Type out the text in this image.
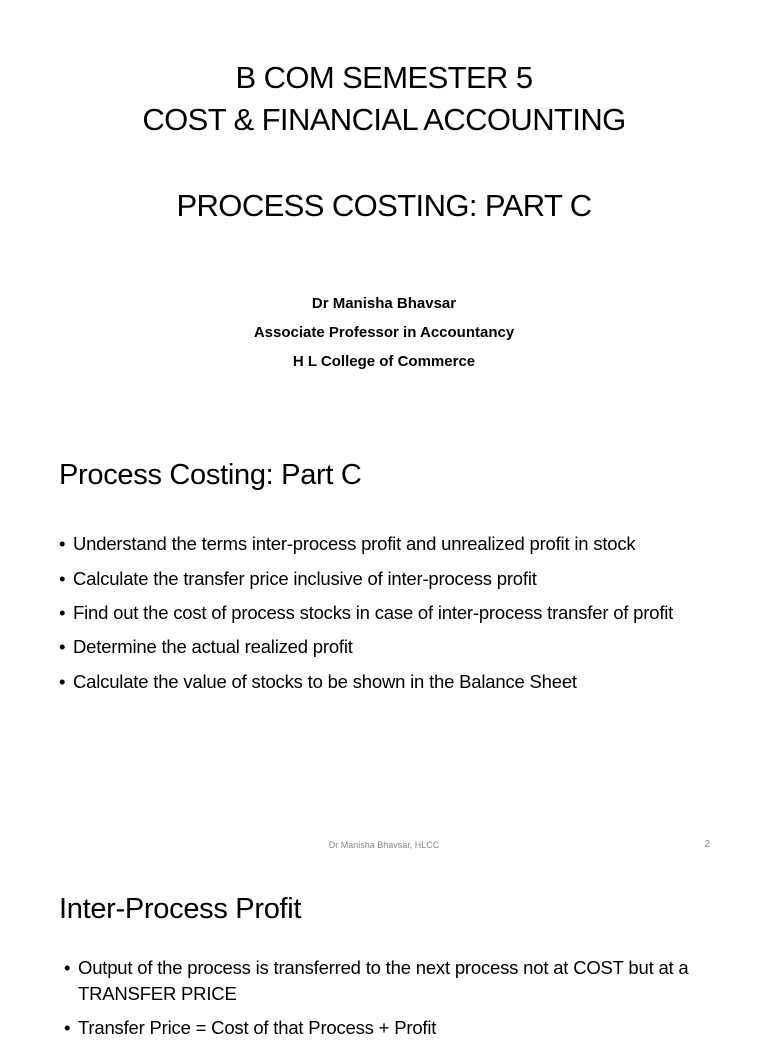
B COM SEMESTER 5
COST & FINANCIAL ACCOUNTING
PROCESS COSTING: PART C
Dr Manisha Bhavsar
Associate Professor in Accountancy
H L College of Commerce
Process Costing: Part C
• Understand the terms inter-process profit and unrealized profit in stock
• Calculate the transfer price inclusive of inter-process profit
• Find out the cost of process stocks in case of inter-process transfer of profit
• Determine the actual realized profit
• Calculate the value of stocks to be shown in the Balance Sheet
Dr Manisha Bhavsar, HLCC	2
Inter-Process Profit
• Output of the process is transferred to the next process not at COST but at a TRANSFER PRICE
• Transfer Price = Cost of that Process + Profit
